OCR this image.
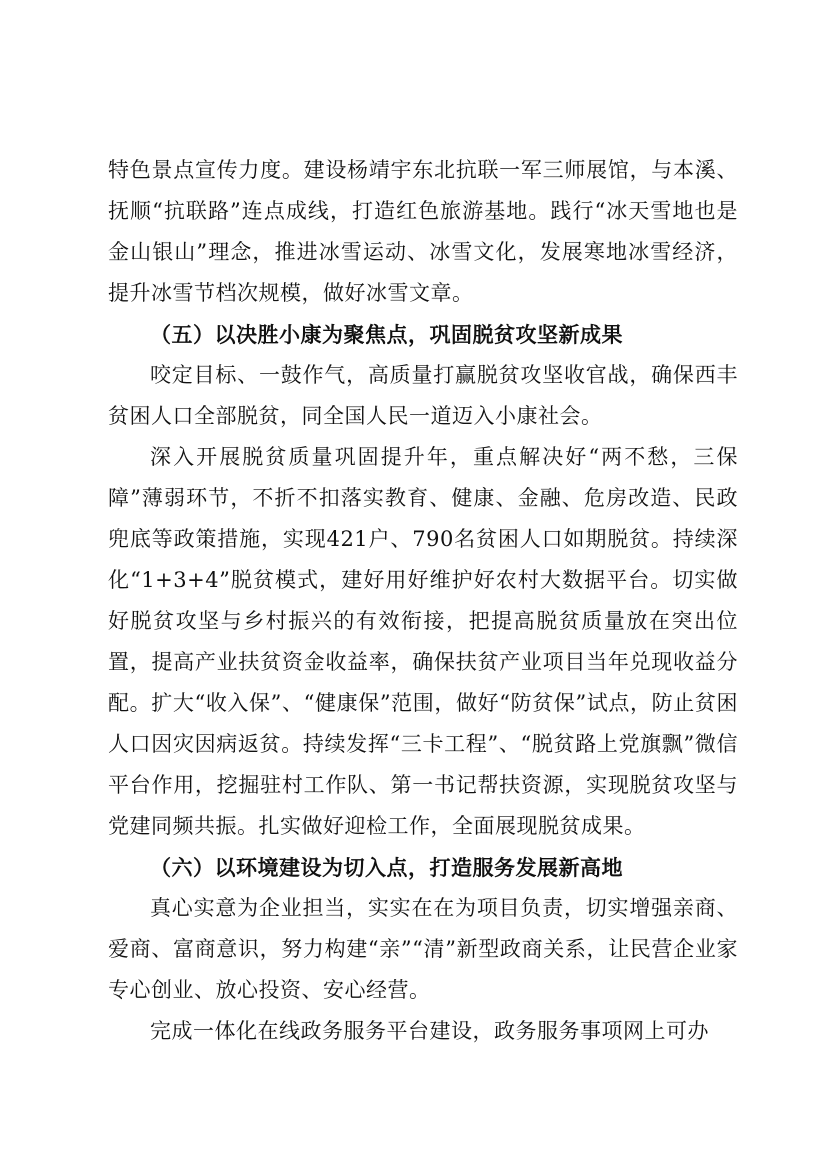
特色景点宣传力度。建设杨靖宇东北抗联一军三师展馆，与本溪、抚顺“抗联路”连点成线，打造红色旅游基地。践行“冰天雪地也是金山银山”理念，推进冰雪运动、冰雪文化，发展寒地冰雪经济，提升冰雪节档次规模，做好冰雪文章。

（五）以决胜小康为聚焦点，巩固脱贫攻坚新成果

咬定目标、一鼓作气，高质量打赢脱贫攻坚收官战，确保西丰贫困人口全部脱贫，同全国人民一道迈入小康社会。

深入开展脱贫质量巩固提升年，重点解决好“两不愁，三保障”薄弱环节，不折不扣落实教育、健康、金融、危房改造、民政兜底等政策措施，实现421户、790名贫困人口如期脱贫。持续深化“1+3+4”脱贫模式，建好用好维护好农村大数据平台。切实做好脱贫攻坚与乡村振兴的有效衔接，把提高脱贫质量放在突出位置，提高产业扶贫资金收益率，确保扶贫产业项目当年兑现收益分配。扩大“收入保”、“健康保”范围，做好“防贫保”试点，防止贫困人口因灾因病返贫。持续发挥“三卡工程”、“脱贫路上党旗飘”微信平台作用，挖掘驻村工作队、第一书记帮扶资源，实现脱贫攻坚与党建同频共振。扎实做好迎检工作，全面展现脱贫成果。

（六）以环境建设为切入点，打造服务发展新高地

真心实意为企业担当，实实在在为项目负责，切实增强亲商、爱商、富商意识，努力构建“亲”“清”新型政商关系，让民营企业家专心创业、放心投资、安心经营。

完成一体化在线政务服务平台建设，政务服务事项网上可办
